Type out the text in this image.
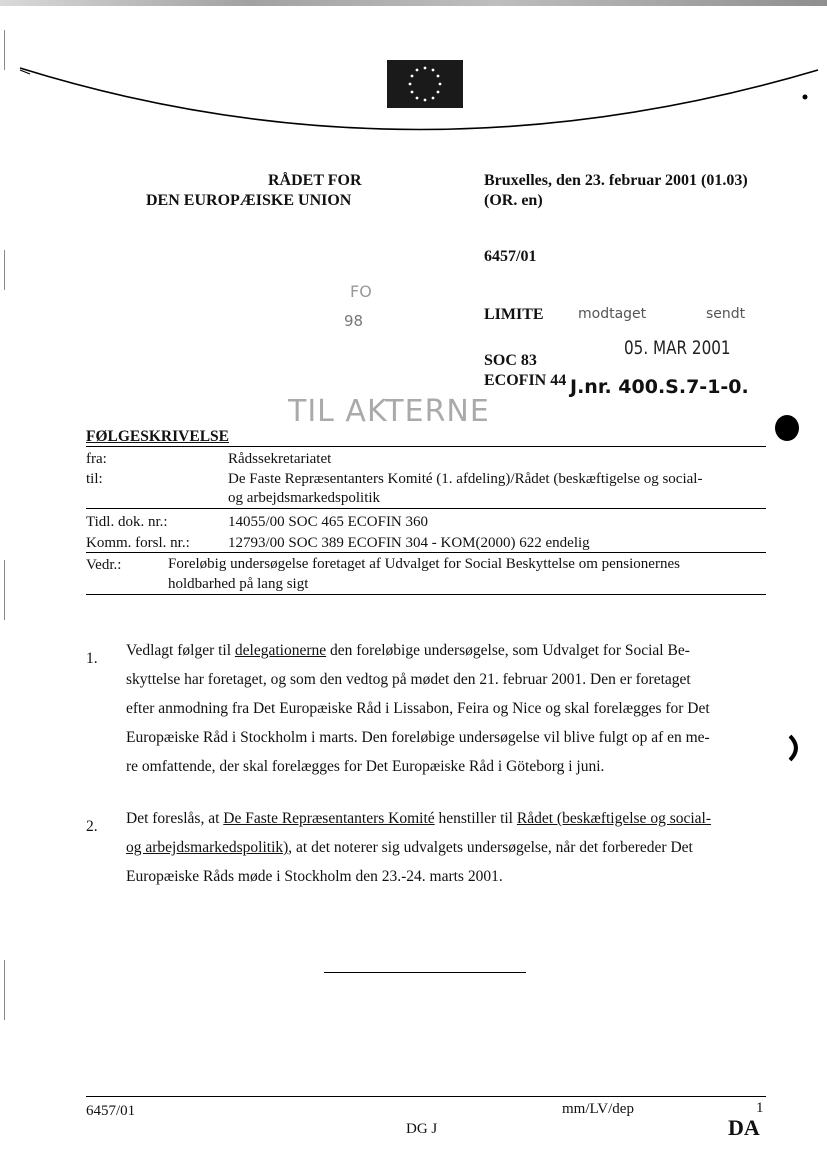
RÅDET FOR
DEN EUROPÆISKE UNION
Bruxelles, den 23. februar 2001 (01.03)
(OR. en)
6457/01
FO
98	LIMITE modtaget	sendt
05. MAR 2001
SOC 83
ECOFIN 44 J.nr. 400.S.7-1-0.
TIL AKTERNE
FØLGESKRIVELSE
fra:	Rådssekretariatet
til:	De Faste Repræsentanters Komité (1. afdeling)/Rådet (beskæftigelse og social-
og arbejdsmarkedspolitik
Tidl. dok. nr.:	14055/00 SOC 465 ECOFIN 360
Komm. forsl. nr.:	12793/00 SOC 389 ECOFIN 304 - KOM(2000) 622 endelig
Vedr.:	Foreløbig undersøgelse foretaget af Udvalget for Social Beskyttelse om pensionernes
holdbarhed på lang sigt
1. Vedlagt følger til delegationerne den foreløbige undersøgelse, som Udvalget for Social Be-
skyttelse har foretaget, og som den vedtog på mødet den 21. februar 2001. Den er foretaget
efter anmodning fra Det Europæiske Råd i Lissabon, Feira og Nice og skal forelægges for Det
Europæiske Råd i Stockholm i marts. Den foreløbige undersøgelse vil blive fulgt op af en me-
re omfattende, der skal forelægges for Det Europæiske Råd i Göteborg i juni.
2. Det foreslås, at De Faste Repræsentanters Komité henstiller til Rådet (beskæftigelse og social-
og arbejdsmarkedspolitik), at det noterer sig udvalgets undersøgelse, når det forbereder Det
Europæiske Råds møde i Stockholm den 23.-24. marts 2001.
6457/01	mm/LV/dep	1
DG J	DA
